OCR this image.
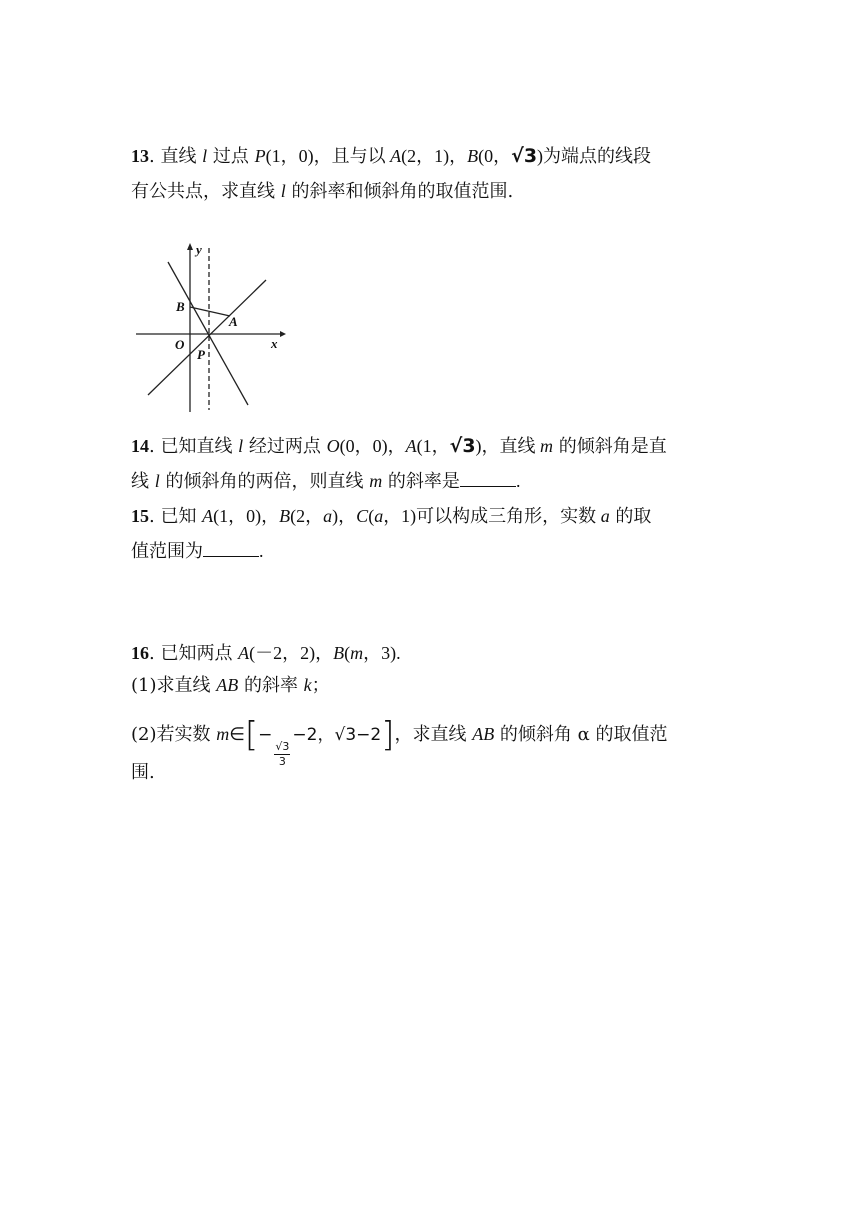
13. 直线 l 过点 P(1，0)，且与以 A(2，1)，B(0，√3)为端点的线段
有公共点，求直线 l 的斜率和倾斜角的取值范围.
y
x
B
A
O
P
14. 已知直线 l 经过两点 O(0，0)，A(1，√3)，直线 m 的倾斜角是直
线 l 的倾斜角的两倍，则直线 m 的斜率是	.
15. 已知 A(1，0)，B(2，a)，C(a，1)可以构成三角形，实数 a 的取
值范围为	.
16. 已知两点 A(－2，2)，B(m，3).
(1)求直线 AB 的斜率 k；
(2)若实数 m∈[−
$\frac{√3}{3}$
−2，√3−2]，求直线 AB 的倾斜角 α 的取值范
围.
